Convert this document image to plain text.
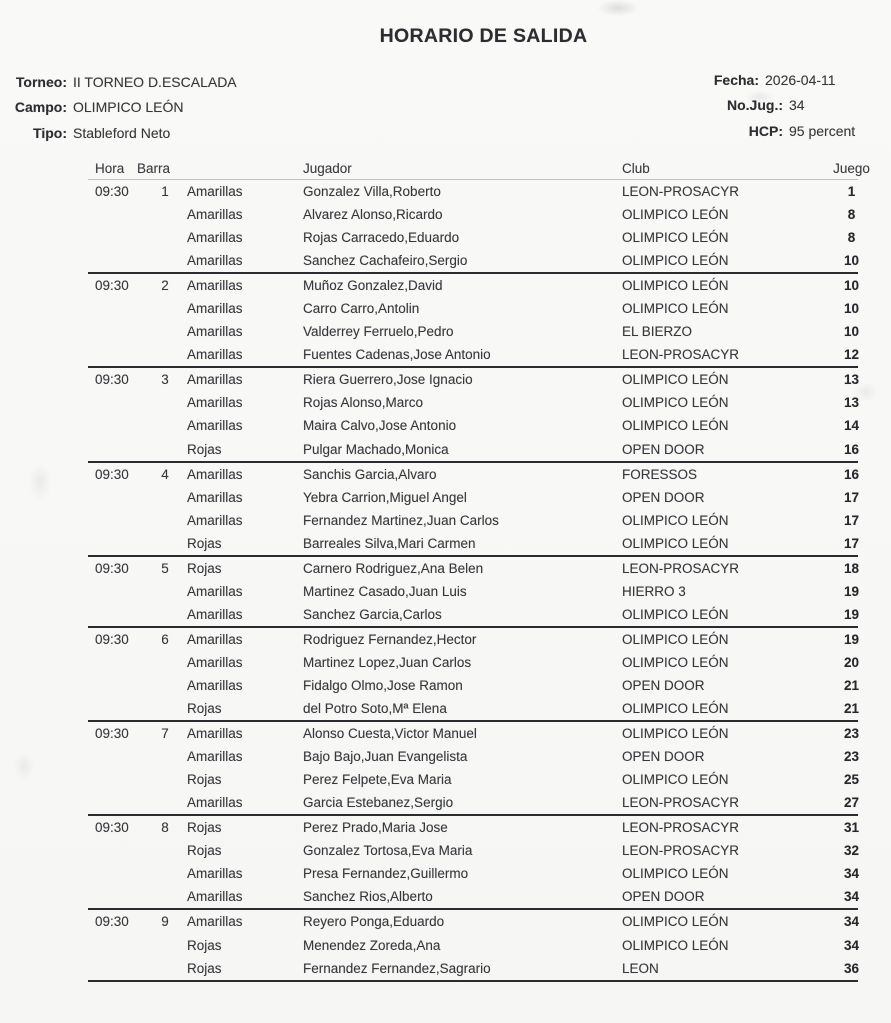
HORARIO DE SALIDA
Torneo: II TORNEO D.ESCALADA
Campo: OLIMPICO LEÓN
Tipo: Stableford Neto
Fecha: 2026-04-11
No.Jug.: 34
HCP: 95 percent
Hora Barra	Jugador	Club	Juego
09:30	1	Amarillas	Gonzalez Villa,Roberto	LEON-PROSACYR	1
Amarillas	Alvarez Alonso,Ricardo	OLIMPICO LEÓN	8
Amarillas	Rojas Carracedo,Eduardo	OLIMPICO LEÓN	8
Amarillas	Sanchez Cachafeiro,Sergio	OLIMPICO LEÓN	10
09:30	2	Amarillas	Muñoz Gonzalez,David	OLIMPICO LEÓN	10
Amarillas	Carro Carro,Antolin	OLIMPICO LEÓN	10
Amarillas	Valderrey Ferruelo,Pedro	EL BIERZO	10
Amarillas	Fuentes Cadenas,Jose Antonio	LEON-PROSACYR	12
09:30	3	Amarillas	Riera Guerrero,Jose Ignacio	OLIMPICO LEÓN	13
Amarillas	Rojas Alonso,Marco	OLIMPICO LEÓN	13
Amarillas	Maira Calvo,Jose Antonio	OLIMPICO LEÓN	14
Rojas	Pulgar Machado,Monica	OPEN DOOR	16
09:30	4	Amarillas	Sanchis Garcia,Alvaro	FORESSOS	16
Amarillas	Yebra Carrion,Miguel Angel	OPEN DOOR	17
Amarillas	Fernandez Martinez,Juan Carlos	OLIMPICO LEÓN	17
Rojas	Barreales Silva,Mari Carmen	OLIMPICO LEÓN	17
09:30	5	Rojas	Carnero Rodriguez,Ana Belen	LEON-PROSACYR	18
Amarillas	Martinez Casado,Juan Luis	HIERRO 3	19
Amarillas	Sanchez Garcia,Carlos	OLIMPICO LEÓN	19
09:30	6	Amarillas	Rodriguez Fernandez,Hector	OLIMPICO LEÓN	19
Amarillas	Martinez Lopez,Juan Carlos	OLIMPICO LEÓN	20
Amarillas	Fidalgo Olmo,Jose Ramon	OPEN DOOR	21
Rojas	del Potro Soto,Mª Elena	OLIMPICO LEÓN	21
09:30	7	Amarillas	Alonso Cuesta,Victor Manuel	OLIMPICO LEÓN	23
Amarillas	Bajo Bajo,Juan Evangelista	OPEN DOOR	23
Rojas	Perez Felpete,Eva Maria	OLIMPICO LEÓN	25
Amarillas	Garcia Estebanez,Sergio	LEON-PROSACYR	27
09:30	8	Rojas	Perez Prado,Maria Jose	LEON-PROSACYR	31
Rojas	Gonzalez Tortosa,Eva Maria	LEON-PROSACYR	32
Amarillas	Presa Fernandez,Guillermo	OLIMPICO LEÓN	34
Amarillas	Sanchez Rios,Alberto	OPEN DOOR	34
09:30	9	Amarillas	Reyero Ponga,Eduardo	OLIMPICO LEÓN	34
Rojas	Menendez Zoreda,Ana	OLIMPICO LEÓN	34
Rojas	Fernandez Fernandez,Sagrario	LEON	36
